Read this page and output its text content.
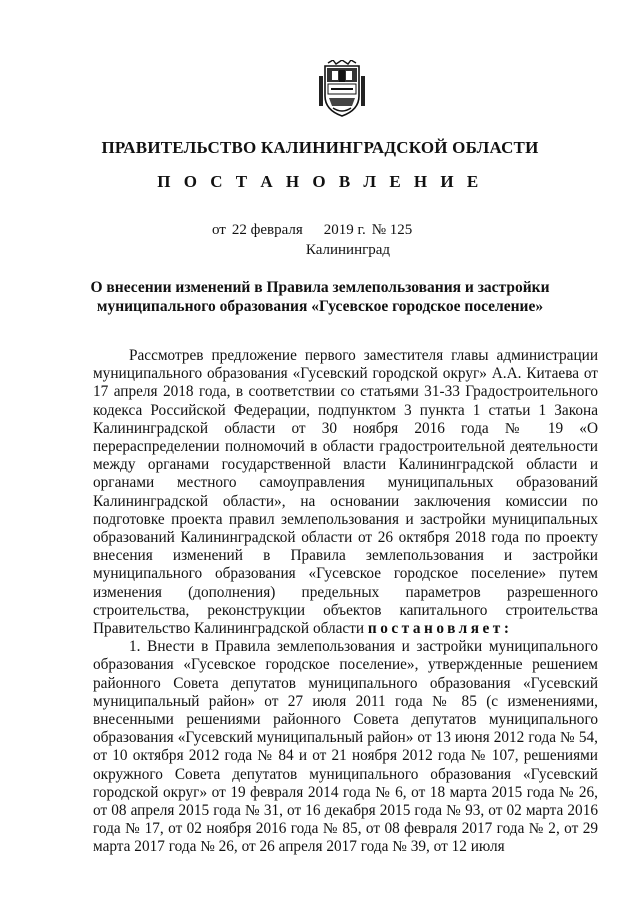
ПРАВИТЕЛЬСТВО КАЛИНИНГРАДСКОЙ ОБЛАСТИ
П О С Т А Н О В Л Е Н И Е
от 22 февраля 2019 г. № 125
Калининград
О внесении изменений в Правила землепользования и застройки
муниципального образования «Гусевское городское поселение»

Рассмотрев предложение первого заместителя главы администрации муниципального образования «Гусевский городской округ» А.А. Китаева от 17 апреля 2018 года, в соответствии со статьями 31-33 Градостроительного кодекса Российской Федерации, подпунктом 3 пункта 1 статьи 1 Закона Калининградской области от 30 ноября 2016 года № 19 «О перераспределении полномочий в области градостроительной деятельности между органами государственной власти Калининградской области и органами местного самоуправления муниципальных образований Калининградской области», на основании заключения комиссии по подготовке проекта правил землепользования и застройки муниципальных образований Калининградской области от 26 октября 2018 года по проекту внесения изменений в Правила землепользования и застройки муниципального образования «Гусевское городское поселение» путем изменения (дополнения) предельных параметров разрешенного строительства, реконструкции объектов капитального строительства Правительство Калининградской области постановляет:

1. Внести в Правила землепользования и застройки муниципального образования «Гусевское городское поселение», утвержденные решением районного Совета депутатов муниципального образования «Гусевский муниципальный район» от 27 июля 2011 года № 85 (с изменениями, внесенными решениями районного Совета депутатов муниципального образования «Гусевский муниципальный район» от 13 июня 2012 года № 54, от 10 октября 2012 года № 84 и от 21 ноября 2012 года № 107, решениями окружного Совета депутатов муниципального образования «Гусевский городской округ» от 19 февраля 2014 года № 6, от 18 марта 2015 года № 26, от 08 апреля 2015 года № 31, от 16 декабря 2015 года № 93, от 02 марта 2016 года № 17, от 02 ноября 2016 года № 85, от 08 февраля 2017 года № 2, от 29 марта 2017 года № 26, от 26 апреля 2017 года № 39, от 12 июля
